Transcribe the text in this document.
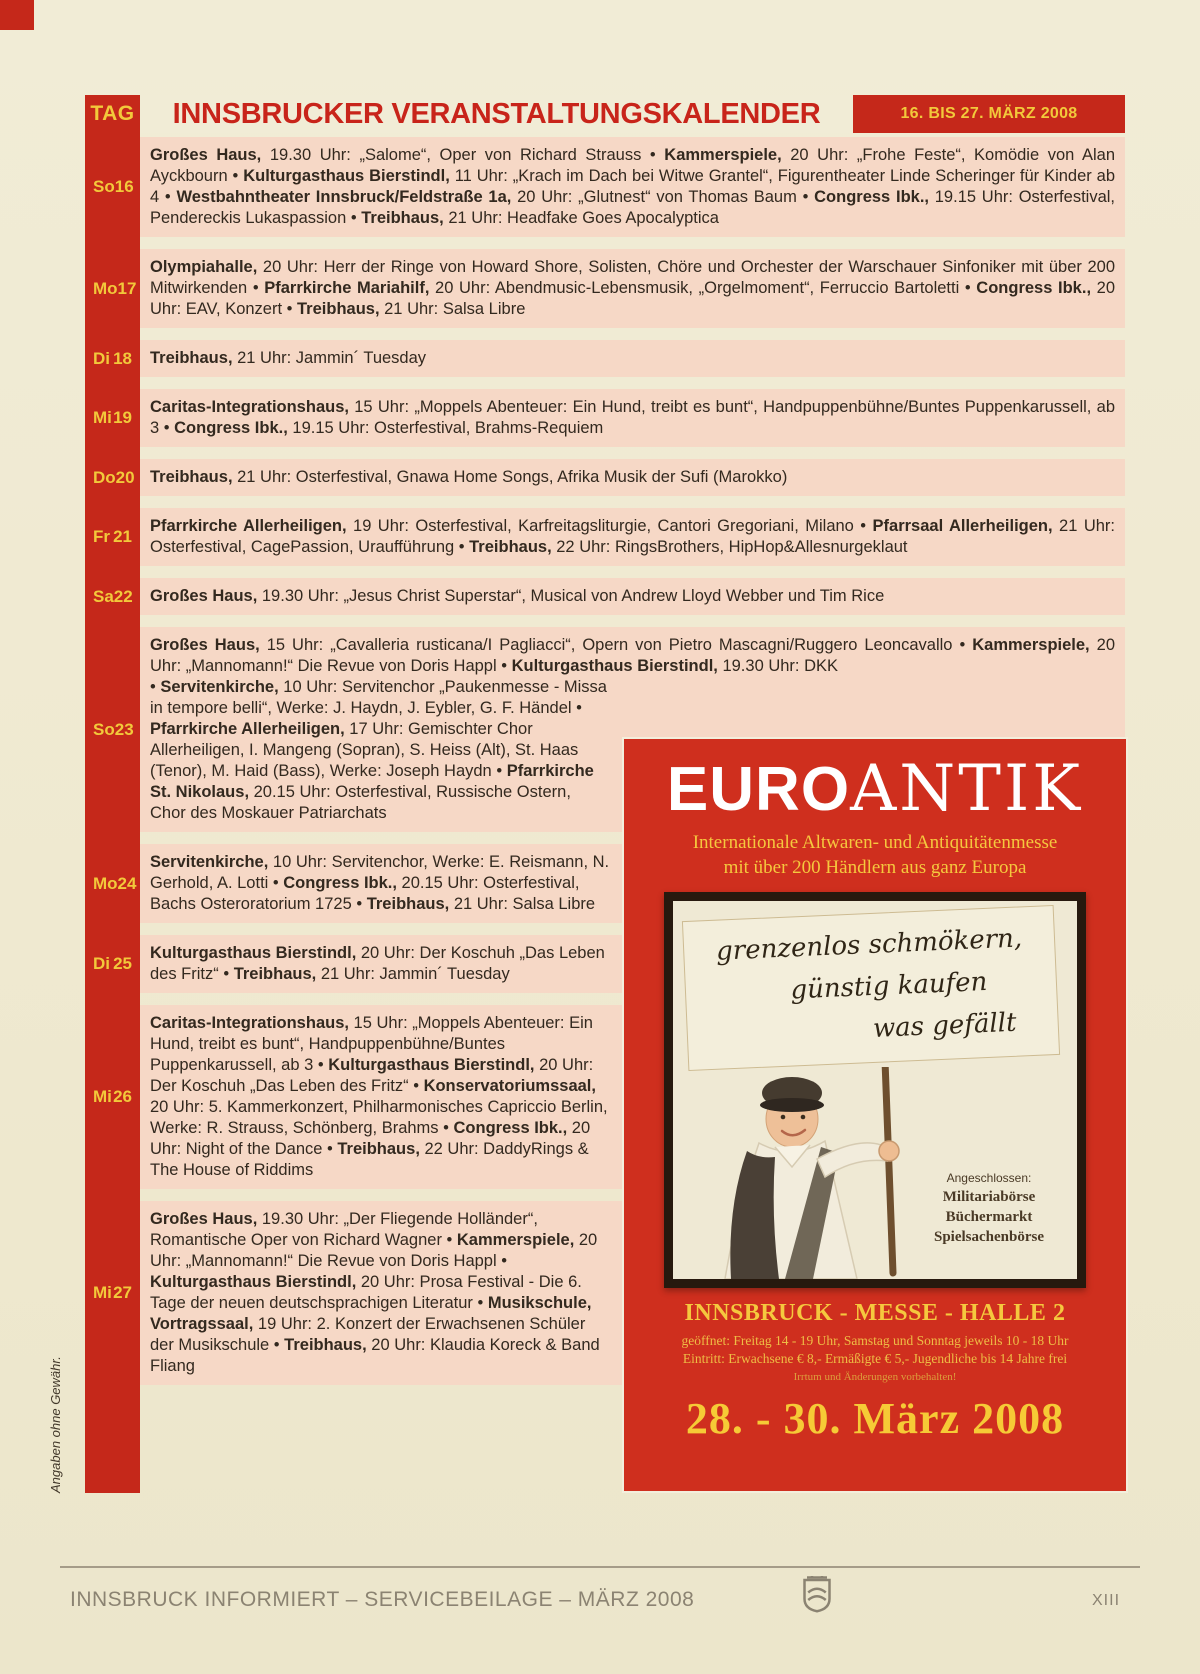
TAG INNSBRUCKER VERANSTALTUNGSKALENDER	16. BIS 27. MÄRZ 2008
So 16
Großes Haus, 19.30 Uhr: „Salome“, Oper von Richard Strauss • Kammerspiele, 20 Uhr: „Frohe Feste“, Komödie von Alan Ayckbourn • Kulturgasthaus Bierstindl, 11 Uhr: „Krach im Dach bei Witwe Grantel“, Figurentheater Linde Scheringer für Kinder ab 4 • Westbahntheater Innsbruck/Feldstraße 1a, 20 Uhr: „Glutnest“ von Thomas Baum • Congress Ibk., 19.15 Uhr: Osterfestival, Pendereckis Lukaspassion • Treibhaus, 21 Uhr: Headfake Goes Apocalyptica
Mo 17
Olympiahalle, 20 Uhr: Herr der Ringe von Howard Shore, Solisten, Chöre und Orchester der Warschauer Sinfoniker mit über 200 Mitwirkenden • Pfarrkirche Mariahilf, 20 Uhr: Abendmusic-Lebensmusik, „Orgelmoment“, Ferruccio Bartoletti • Congress Ibk., 20 Uhr: EAV, Konzert • Treibhaus, 21 Uhr: Salsa Libre
Di 18 Treibhaus, 21 Uhr: Jammin´ Tuesday
Mi 19
Caritas-Integrationshaus, 15 Uhr: „Moppels Abenteuer: Ein Hund, treibt es bunt“, Handpuppenbühne/Buntes Puppenkarussell, ab 3 • Congress Ibk., 19.15 Uhr: Osterfestival, Brahms-Requiem
Do 20 Treibhaus, 21 Uhr: Osterfestival, Gnawa Home Songs, Afrika Musik der Sufi (Marokko)
Fr 21
Pfarrkirche Allerheiligen, 19 Uhr: Osterfestival, Karfreitagsliturgie, Cantori Gregoriani, Milano • Pfarrsaal Allerheiligen, 21 Uhr: Osterfestival, CagePassion, Uraufführung • Treibhaus, 22 Uhr: RingsBrothers, HipHop&Allesnurgeklaut
Sa 22 Großes Haus, 19.30 Uhr: „Jesus Christ Superstar“, Musical von Andrew Lloyd Webber und Tim Rice
So 23
Großes Haus, 15 Uhr: „Cavalleria rusticana/I Pagliacci“, Opern von Pietro Mascagni/Ruggero Leoncavallo • Kammerspiele, 20 Uhr: „Mannomann!“ Die Revue von Doris Happl • Kulturgasthaus Bierstindl, 19.30 Uhr: DKK
• Servitenkirche, 10 Uhr: Servitenchor „Paukenmesse - Missa in tempore belli“, Werke: J. Haydn, J. Eybler, G. F. Händel • Pfarrkirche Allerheiligen, 17 Uhr: Gemischter Chor Allerheiligen, I. Mangeng (Sopran), S. Heiss (Alt), St. Haas (Tenor), M. Haid (Bass), Werke: Joseph Haydn • Pfarrkirche St. Nikolaus, 20.15 Uhr: Osterfestival, Russische Ostern, Chor des Moskauer Patriarchats
Mo 24
Servitenkirche, 10 Uhr: Servitenchor, Werke: E. Reismann, N. Gerhold, A. Lotti • Congress Ibk., 20.15 Uhr: Osterfestival, Bachs Osteroratorium 1725 • Treibhaus, 21 Uhr: Salsa Libre
Di 25
Kulturgasthaus Bierstindl, 20 Uhr: Der Koschuh „Das Leben des Fritz“ • Treibhaus, 21 Uhr: Jammin´ Tuesday
Mi 26
Caritas-Integrationshaus, 15 Uhr: „Moppels Abenteuer: Ein Hund, treibt es bunt“, Handpuppenbühne/Buntes Puppenkarussell, ab 3 • Kulturgasthaus Bierstindl, 20 Uhr: Der Koschuh „Das Leben des Fritz“ • Konservatoriumssaal, 20 Uhr: 5. Kammerkonzert, Philharmonisches Capriccio Berlin, Werke: R. Strauss, Schönberg, Brahms • Congress Ibk., 20 Uhr: Night of the Dance • Treibhaus, 22 Uhr: DaddyRings & The House of Riddims
Mi 27
Großes Haus, 19.30 Uhr: „Der Fliegende Holländer“, Romantische Oper von Richard Wagner • Kammerspiele, 20 Uhr: „Mannomann!“ Die Revue von Doris Happl • Kulturgasthaus Bierstindl, 20 Uhr: Prosa Festival - Die 6. Tage der neuen deutschsprachigen Literatur • Musikschule, Vortragssaal, 19 Uhr: 2. Konzert der Erwachsenen Schüler der Musikschule • Treibhaus, 20 Uhr: Klaudia Koreck & Band Fliang
EUROANTIK
Internationale Altwaren- und Antiquitätenmesse
mit über 200 Händlern aus ganz Europa
grenzenlos schmökern,
günstig kaufen
was gefällt
Angeschlossen:
Militariabörse
Büchermarkt
Spielsachenbörse
INNSBRUCK - MESSE - HALLE 2
geöffnet: Freitag 14 - 19 Uhr, Samstag und Sonntag jeweils 10 - 18 Uhr
Eintritt: Erwachsene € 8,- Ermäßigte € 5,- Jugendliche bis 14 Jahre frei
Irrtum und Änderungen vorbehalten!
28. - 30. März 2008
Angaben ohne Gewähr.
INNSBRUCK INFORMIERT – SERVICEBEILAGE – MÄRZ 2008	XIII
